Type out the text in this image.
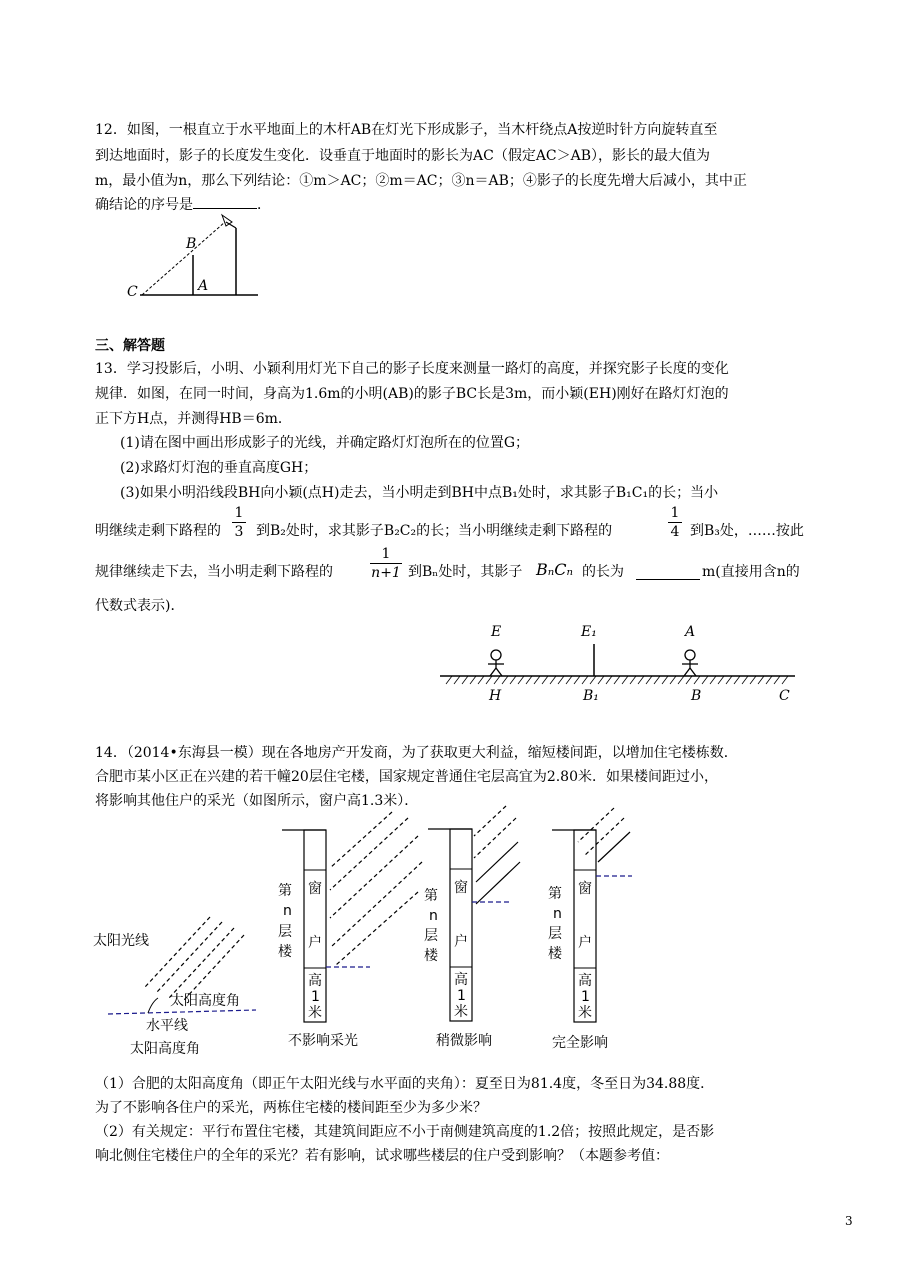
12．如图，一根直立于水平地面上的木杆AB在灯光下形成影子，当木杆绕点A按逆时针方向旋转直至
到达地面时，影子的长度发生变化．设垂直于地面时的影长为AC（假定AC＞AB），影长的最大值为
m，最小值为n，那么下列结论：①m＞AC；②m＝AC；③n＝AB；④影子的长度先增大后减小，其中正
确结论的序号是	．
C
B
A
E	E₁	A
H	B₁	B	C
太阳光线
太阳高度角
水平线
太阳高度角
第
n
层
楼
窗
户
高
1
米
第
n
层
楼
窗
户
高
1
米
第
n
层
楼
窗
户
高
1
米
不影响采光	稍微影响	完全影响
三、解答题
13．学习投影后，小明、小颖利用灯光下自己的影子长度来测量一路灯的高度，并探究影子长度的变化
规律．如图，在同一时间，身高为1.6m的小明(AB)的影子BC长是3m，而小颖(EH)刚好在路灯灯泡的
正下方H点，并测得HB＝6m．
(1)请在图中画出形成影子的光线，并确定路灯灯泡所在的位置G；
(2)求路灯灯泡的垂直高度GH；
(3)如果小明沿线段BH向小颖(点H)走去，当小明走到BH中点B₁处时，求其影子B₁C₁的长；当小
明继续走剩下路程的
1
3 到B₂处时，求其影子B₂C₂的长；当小明继续走剩下路程的
1
4 到B₃处，……按此
规律继续走下去，当小明走剩下路程的
1
n+1 到Bₙ处时，其影子 BₙCₙ 的长为	m(直接用含n的
代数式表示)．
14．（2014•东海县一模）现在各地房产开发商，为了获取更大利益，缩短楼间距，以增加住宅楼栋数．
合肥市某小区正在兴建的若干幢20层住宅楼，国家规定普通住宅层高宜为2.80米．如果楼间距过小，
将影响其他住户的采光（如图所示，窗户高1.3米）．
（1）合肥的太阳高度角（即正午太阳光线与水平面的夹角）：夏至日为81.4度，冬至日为34.88度．
为了不影响各住户的采光，两栋住宅楼的楼间距至少为多少米？
（2）有关规定：平行布置住宅楼，其建筑间距应不小于南侧建筑高度的1.2倍；按照此规定，是否影
响北侧住宅楼住户的全年的采光？若有影响，试求哪些楼层的住户受到影响？（本题参考值：
3
